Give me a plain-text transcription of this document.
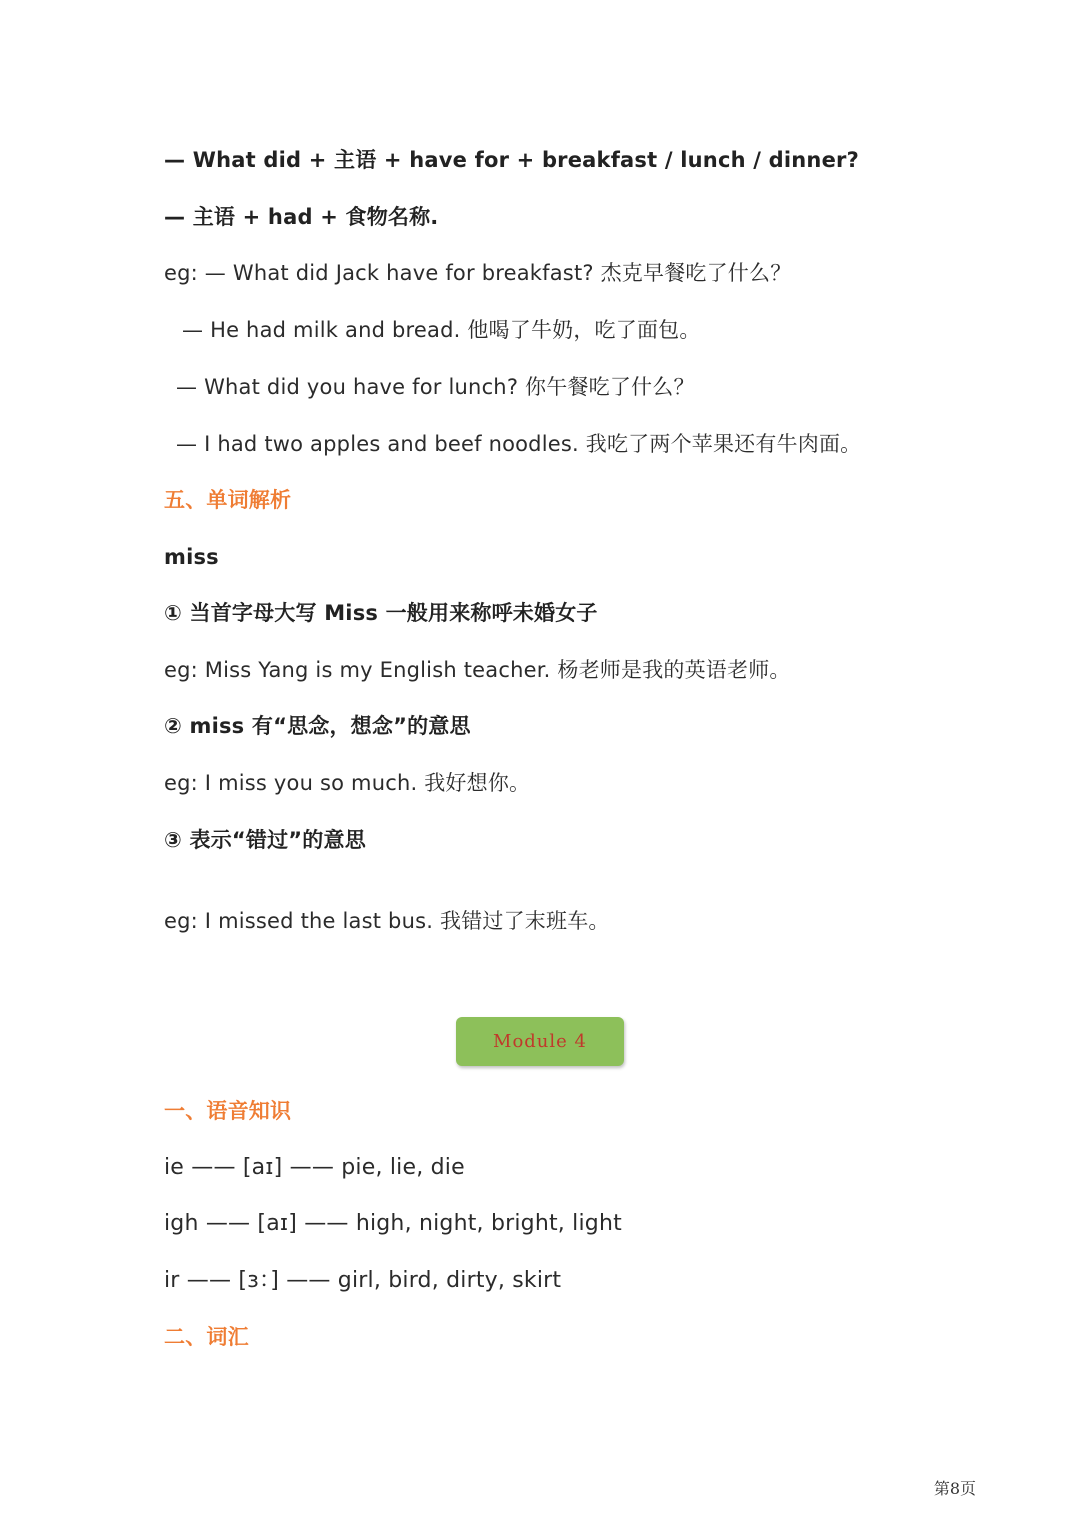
— What did + 主语 + have for + breakfast / lunch / dinner?
— 主语 + had + 食物名称.
eg: — What did Jack have for breakfast? 杰克早餐吃了什么？
— He had milk and bread. 他喝了牛奶，吃了面包。
— What did you have for lunch? 你午餐吃了什么？
— I had two apples and beef noodles. 我吃了两个苹果还有牛肉面。
五、单词解析
miss
① 当首字母大写 Miss 一般用来称呼未婚女子
eg: Miss Yang is my English teacher. 杨老师是我的英语老师。
② miss 有“思念，想念”的意思
eg: I miss you so much. 我好想你。
③ 表示“错过”的意思
eg: I missed the last bus. 我错过了末班车。
Module 4
一、语音知识
ie —— [aɪ] —— pie, lie, die
igh —— [aɪ] —— high, night, bright, light
ir —— [ɜ：] —— girl, bird, dirty, skirt
二、词汇
第8页
